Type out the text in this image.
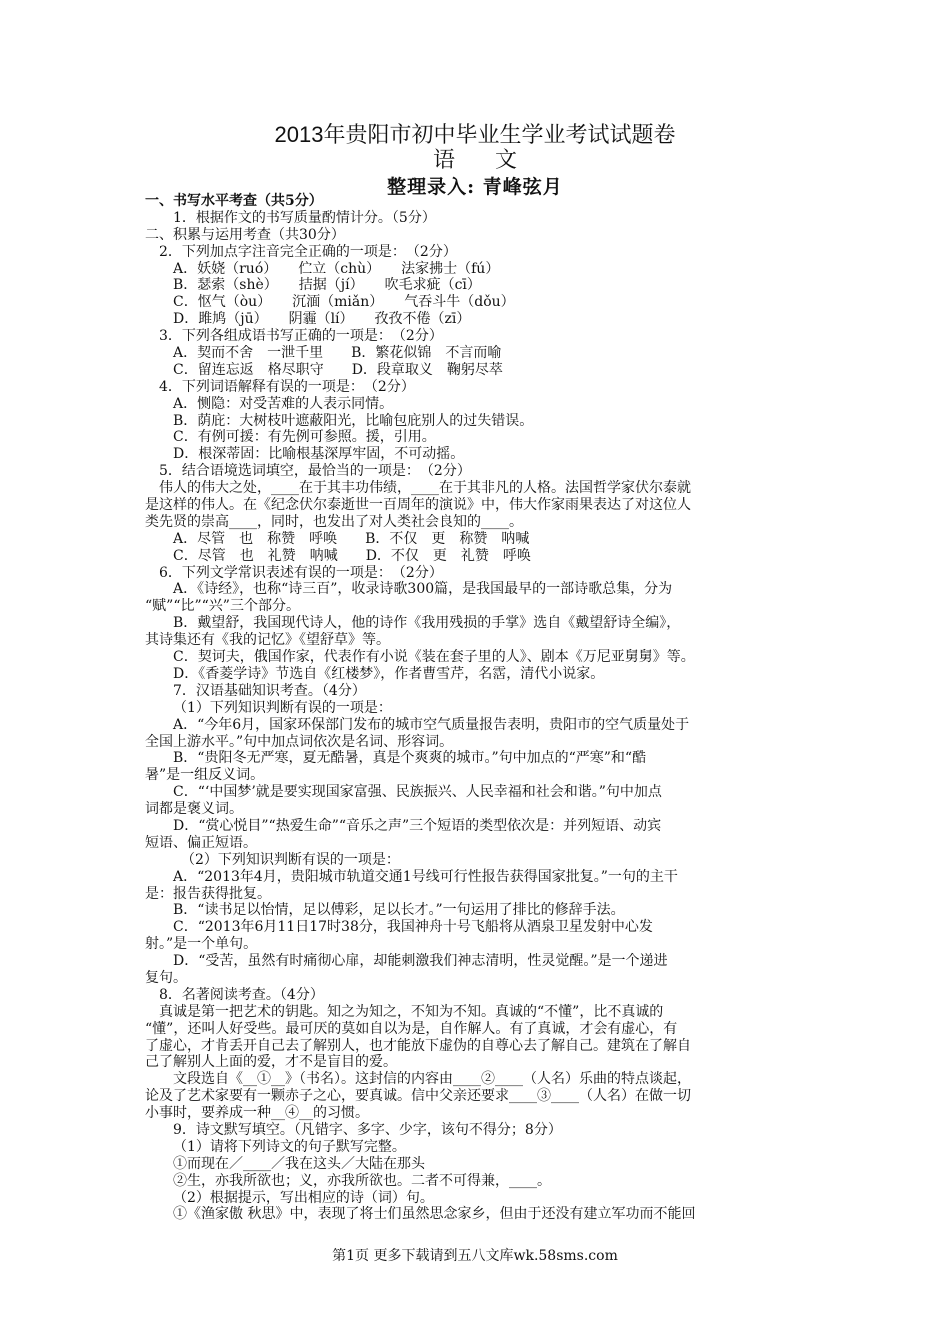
2013年贵阳市初中毕业生学业考试试题卷
语文
整理录入: 青峰弦月
一、书写水平考查（共5分）
1．根据作文的书写质量酌情计分。（5分）
二、积累与运用考查（共30分）
2．下列加点字注音完全正确的一项是：　（2分）
A．妖娆（ruó）　　伫立（chù）　　法家拂士（fú）
B．瑟索（shè）　　拮据（jí）　　吹毛求疵（cī）
C．怄气（òu）　　沉湎（miǎn）　　气吞斗牛（dǒu）
D．雎鸠（jū）　　阴霾（lí）　　孜孜不倦（zī）
3．下列各组成语书写正确的一项是：　（2分）
A．契而不舍　一泄千里　　B．繁花似锦　不言而喻
C．留连忘返　格尽职守　　D．段章取义　鞠躬尽萃
4．下列词语解释有误的一项是：　（2分）
A．恻隐：对受苦难的人表示同情。
B．荫庇：大树枝叶遮蔽阳光，比喻包庇别人的过失错误。
C．有例可援：有先例可参照。援，引用。
D．根深蒂固：比喻根基深厚牢固，不可动摇。
5．结合语境选词填空，最恰当的一项是：　（2分）
伟人的伟大之处，____在于其丰功伟绩，____在于其非凡的人格。法国哲学家伏尔泰就
是这样的伟人。在《纪念伏尔泰逝世一百周年的演说》中，伟大作家雨果表达了对这位人
类先贤的崇高____，同时，也发出了对人类社会良知的____。
A．尽管　也　称赞　呼唤　　B．不仅　更　称赞　呐喊
C．尽管　也　礼赞　呐喊　　D．不仅　更　礼赞　呼唤
6．下列文学常识表述有误的一项是：　（2分）
A．《诗经》，也称“诗三百”，收录诗歌300篇，是我国最早的一部诗歌总集，分为
“赋”“比”“兴”三个部分。
B．戴望舒，我国现代诗人，他的诗作《我用残损的手掌》选自《戴望舒诗全编》，
其诗集还有《我的记忆》《望舒草》等。
C．契诃夫，俄国作家，代表作有小说《装在套子里的人》、剧本《万尼亚舅舅》等。
D．《香菱学诗》节选自《红楼梦》，作者曹雪芹，名霑，清代小说家。
7．汉语基础知识考查。（4分）
（1）下列知识判断有误的一项是：
A．“今年6月，国家环保部门发布的城市空气质量报告表明，贵阳市的空气质量处于
全国上游水平。”句中加点词依次是名词、形容词。
B．“贵阳冬无严寒，夏无酷暑，真是个爽爽的城市。”句中加点的“严寒”和“酷
暑”是一组反义词。
C．“‘中国梦’就是要实现国家富强、民族振兴、人民幸福和社会和谐。”句中加点
词都是褒义词。
D．“赏心悦目”“热爱生命”“音乐之声”三个短语的类型依次是：并列短语、动宾
短语、偏正短语。
（2）下列知识判断有误的一项是：
A．“2013年4月，贵阳城市轨道交通1号线可行性报告获得国家批复。”一句的主干
是：报告获得批复。
B．“读书足以怡情，足以傅彩，足以长才。”一句运用了排比的修辞手法。
C．“2013年6月11日17时38分，我国神舟十号飞船将从酒泉卫星发射中心发
射。”是一个单句。
D．“受苦，虽然有时痛彻心扉，却能刺激我们神志清明，性灵觉醒。”是一个递进
复句。
8．名著阅读考查。（4分）
真诚是第一把艺术的钥匙。知之为知之，不知为不知。真诚的“不懂”，比不真诚的
“懂”，还叫人好受些。最可厌的莫如自以为是，自作解人。有了真诚，才会有虚心，有
了虚心，才肯丢开自己去了解别人，也才能放下虚伪的自尊心去了解自己。建筑在了解自
己了解别人上面的爱，才不是盲目的爱。
文段选自《__①__》（书名）。这封信的内容由____②____（人名）乐曲的特点谈起，
论及了艺术家要有一颗赤子之心，要真诚。信中父亲还要求____③____（人名）在做一切
小事时，要养成一种__④__的习惯。
9．诗文默写填空。（凡错字、多字、少字，该句不得分；8分）
（1）请将下列诗文的句子默写完整。
①而现在／____／我在这头／大陆在那头
②生，亦我所欲也；义，亦我所欲也。二者不可得兼，____。
（2）根据提示，写出相应的诗（词）句。
①《渔家傲 秋思》中，表现了将士们虽然思念家乡，但由于还没有建立军功而不能回
第1页 更多下载请到五八文库wk.58sms.com
